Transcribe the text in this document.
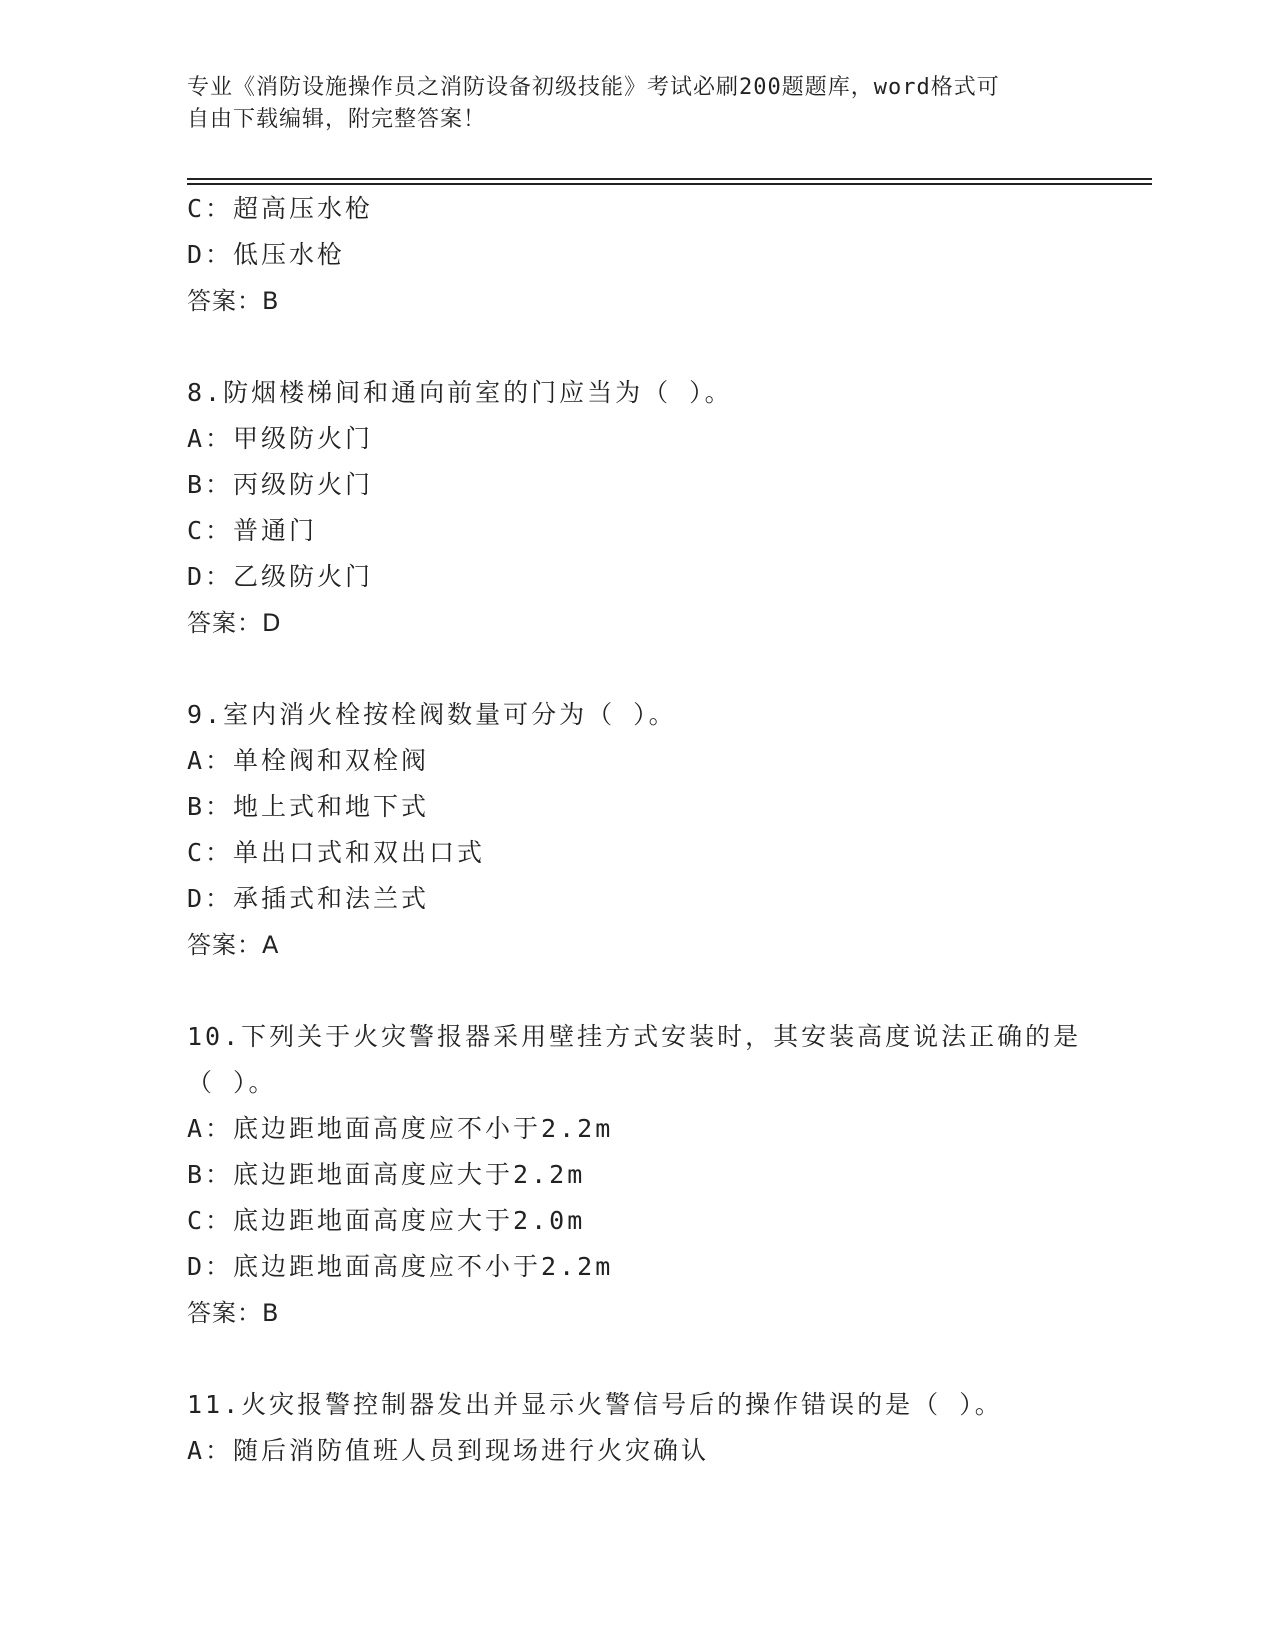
专业《消防设施操作员之消防设备初级技能》考试必刷200题题库，word格式可
自由下载编辑，附完整答案！
C：超高压水枪
D：低压水枪
答案：B
8.防烟楼梯间和通向前室的门应当为（ ）。
A：甲级防火门
B：丙级防火门
C：普通门
D：乙级防火门
答案：D
9.室内消火栓按栓阀数量可分为（ ）。
A：单栓阀和双栓阀
B：地上式和地下式
C：单出口式和双出口式
D：承插式和法兰式
答案：A
10.下列关于火灾警报器采用壁挂方式安装时，其安装高度说法正确的是（ ）。
A：底边距地面高度应不小于2.2m
B：底边距地面高度应大于2.2m
C：底边距地面高度应大于2.0m
D：底边距地面高度应不小于2.2m
答案：B
11.火灾报警控制器发出并显示火警信号后的操作错误的是（ ）。
A：随后消防值班人员到现场进行火灾确认
